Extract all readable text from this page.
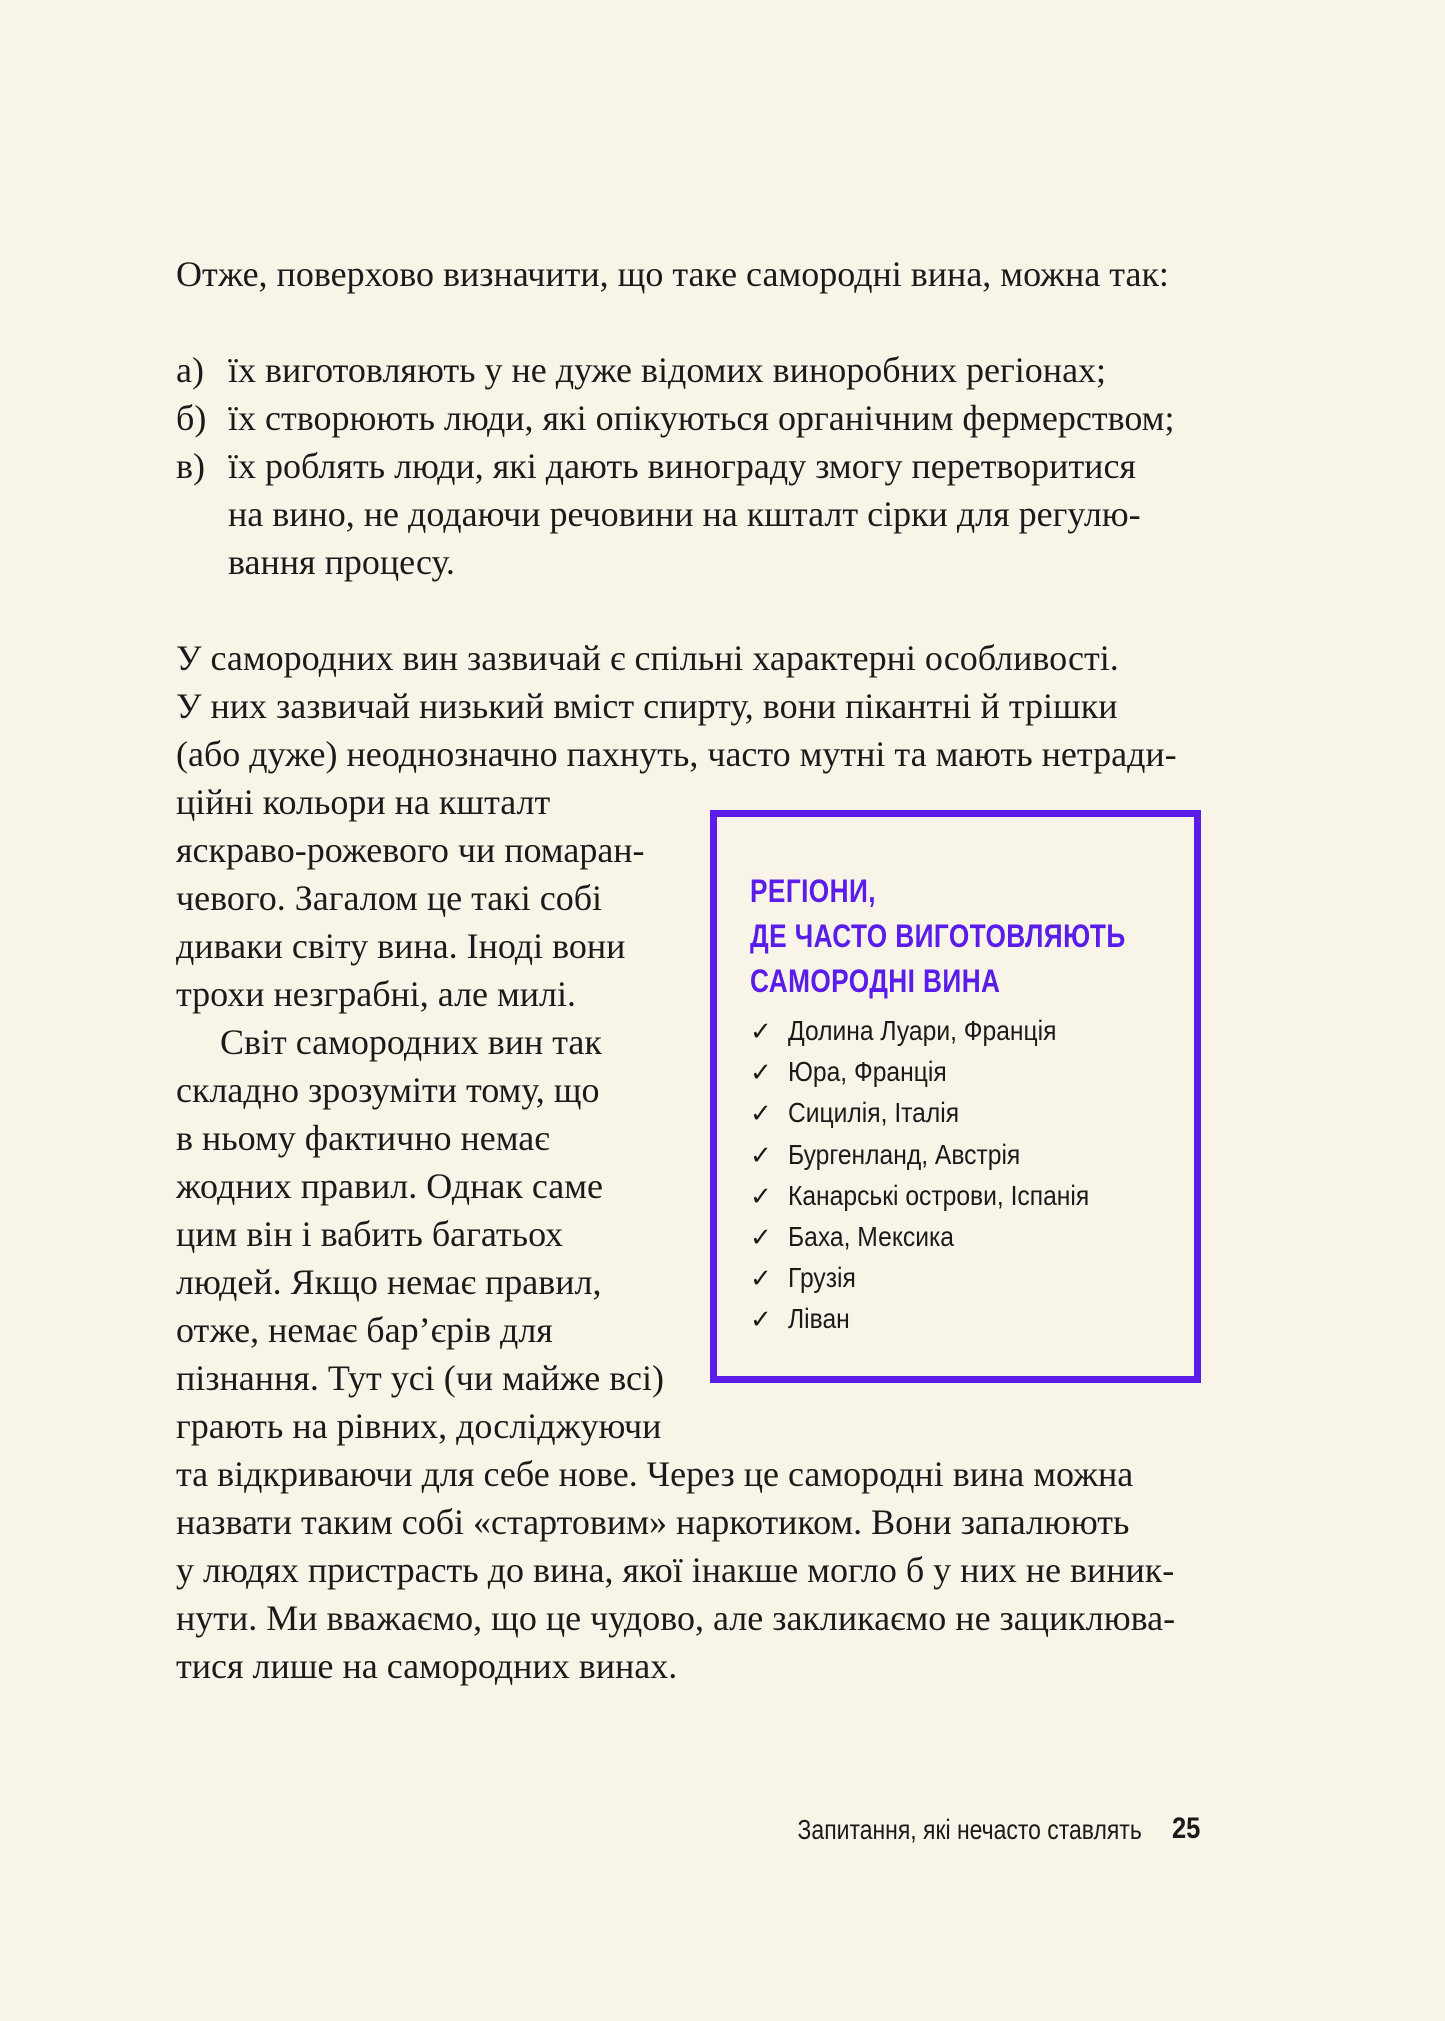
Отже, поверхово визначити, що таке самородні вина, можна так:
а) їх виготовляють у не дуже відомих виноробних регіонах;
б) їх створюють люди, які опікуються органічним фермерством;
в) їх роблять люди, які дають винограду змогу перетворитися
на вино, не додаючи речовини на кшталт сірки для регулю-
вання процесу.
У самородних вин зазвичай є спільні характерні особливості.
У них зазвичай низький вміст спирту, вони пікантні й трішки
(або дуже) неоднозначно пахнуть, часто мутні та мають нетради-
ційні кольори на кшталт
яскраво-рожевого чи помаран-
чевого. Загалом це такі собі
диваки світу вина. Іноді вони
трохи незграбні, але милі.
Світ самородних вин так
складно зрозуміти тому, що
в ньому фактично немає
жодних правил. Однак саме
цим він і вабить багатьох
людей. Якщо немає правил,
отже, немає бар’єрів для
пізнання. Тут усі (чи майже всі)
грають на рівних, досліджуючи
та відкриваючи для себе нове. Через це самородні вина можна
назвати таким собі «стартовим» наркотиком. Вони запалюють
у людях пристрасть до вина, якої інакше могло б у них не виник-
нути. Ми вважаємо, що це чудово, але закликаємо не зациклюва-
тися лише на самородних винах.
РЕГІОНИ,
ДЕ ЧАСТО ВИГОТОВЛЯЮТЬ
САМОРОДНІ ВИНА
✓ Долина Луари, Франція
✓ Юра, Франція
✓ Сицилія, Італія
✓ Бургенланд, Австрія
✓ Канарські острови, Іспанія
✓ Баха, Мексика
✓ Грузія
✓ Ліван
Запитання, які нечасто ставлять 25
